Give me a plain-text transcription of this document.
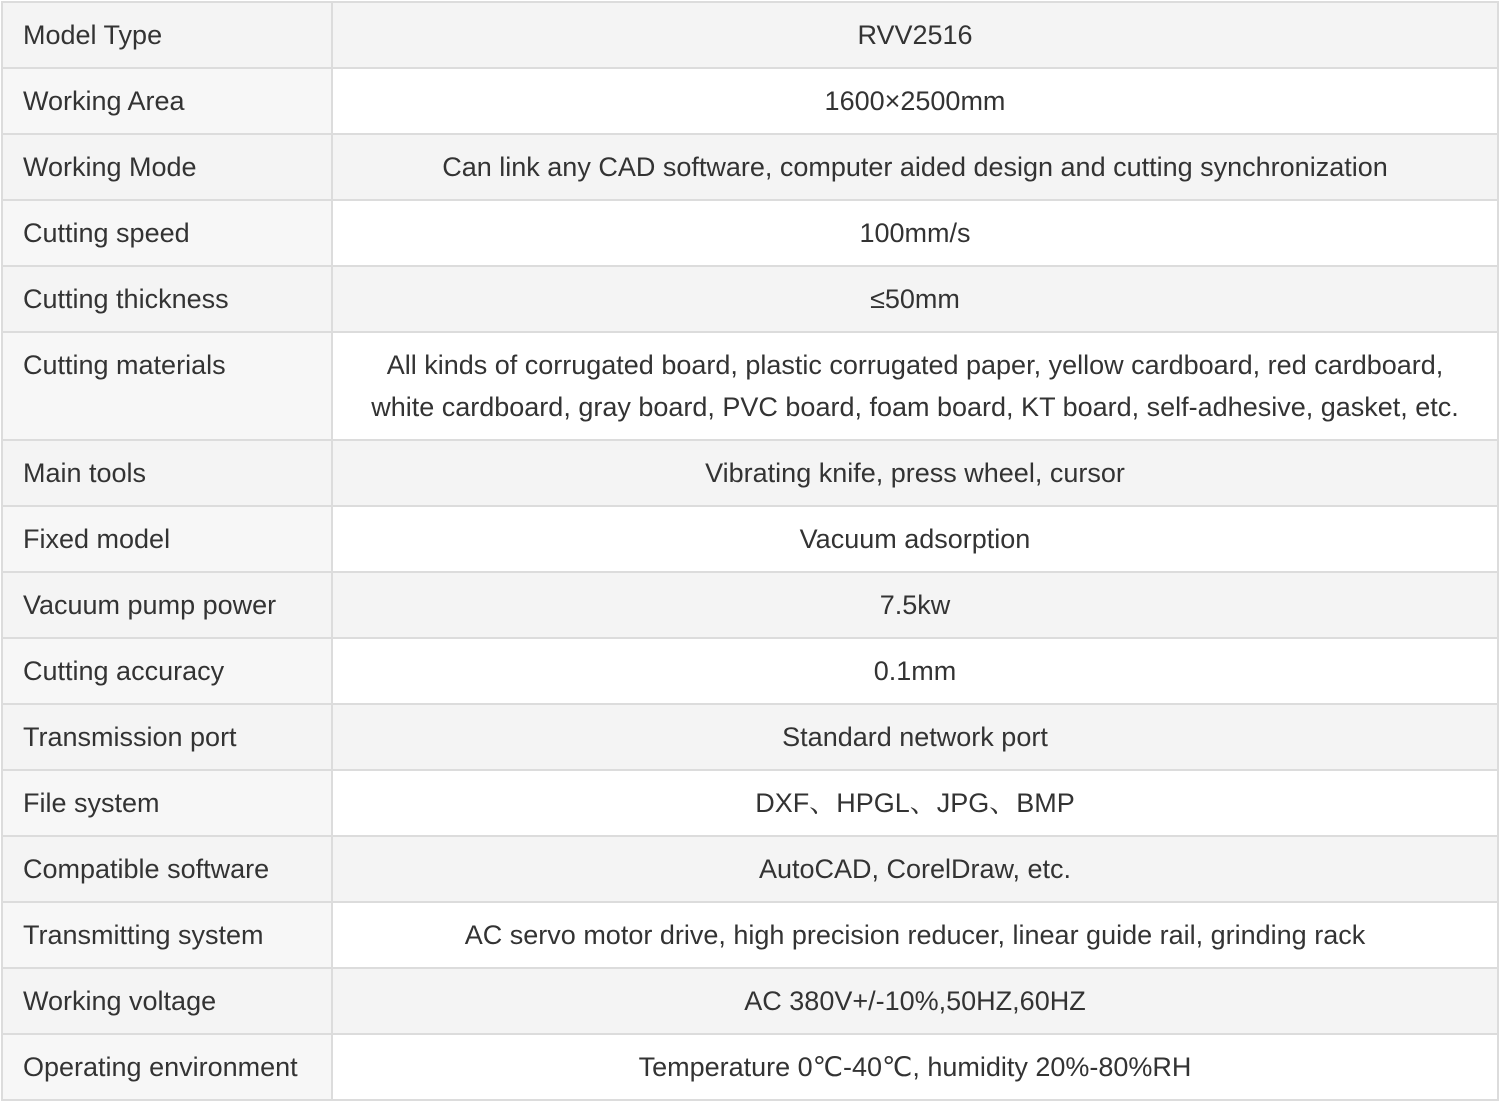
Model Type	RVV2516
Working Area	1600×2500mm
Working Mode	Can link any CAD software, computer aided design and cutting synchronization
Cutting speed	100mm/s
Cutting thickness	≤50mm
Cutting materials	All kinds of corrugated board, plastic corrugated paper, yellow cardboard, red cardboard,
white cardboard, gray board, PVC board, foam board, KT board, self-adhesive, gasket, etc.

Main tools	Vibrating knife, press wheel, cursor
Fixed model	Vacuum adsorption
Vacuum pump power	7.5kw
Cutting accuracy	0.1mm
Transmission port	Standard network port
File system	DXF、HPGL、JPG、BMP
Compatible software	AutoCAD, CorelDraw, etc.
Transmitting system	AC servo motor drive, high precision reducer, linear guide rail, grinding rack
Working voltage	AC 380V+/-10%,50HZ,60HZ
Operating environment	Temperature 0℃-40℃, humidity 20%-80%RH
